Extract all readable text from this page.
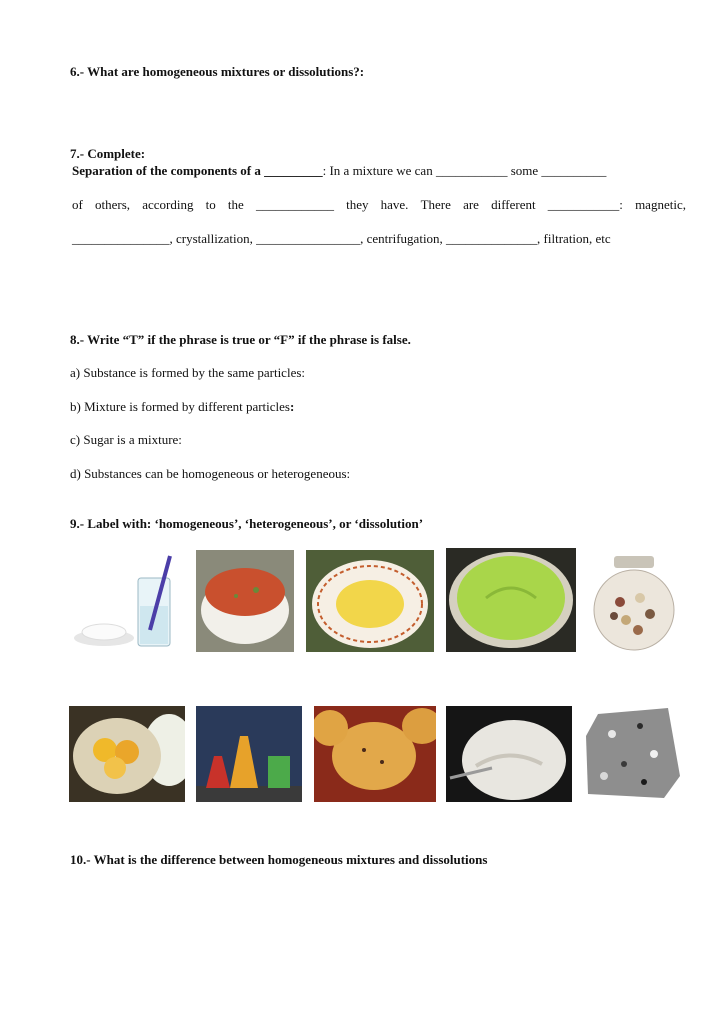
6.- What are homogeneous mixtures or dissolutions?:
7.- Complete:
Separation of the components of a _________: In a mixture we can ___________ some __________
of others, according to the ____________ they have. There are different ___________: magnetic,
_______________, crystallization, ________________, centrifugation, ______________, filtration, etc
8.- Write “T” if the phrase is true or “F” if the phrase is false.
a) Substance is formed by the same particles:
b) Mixture is formed by different particles:
c) Sugar is a mixture:
d) Substances can be homogeneous or heterogeneous:
9.- Label with: ‘homogeneous’, ‘heterogeneous’, or ‘dissolution’
10.- What is the difference between homogeneous mixtures and dissolutions
